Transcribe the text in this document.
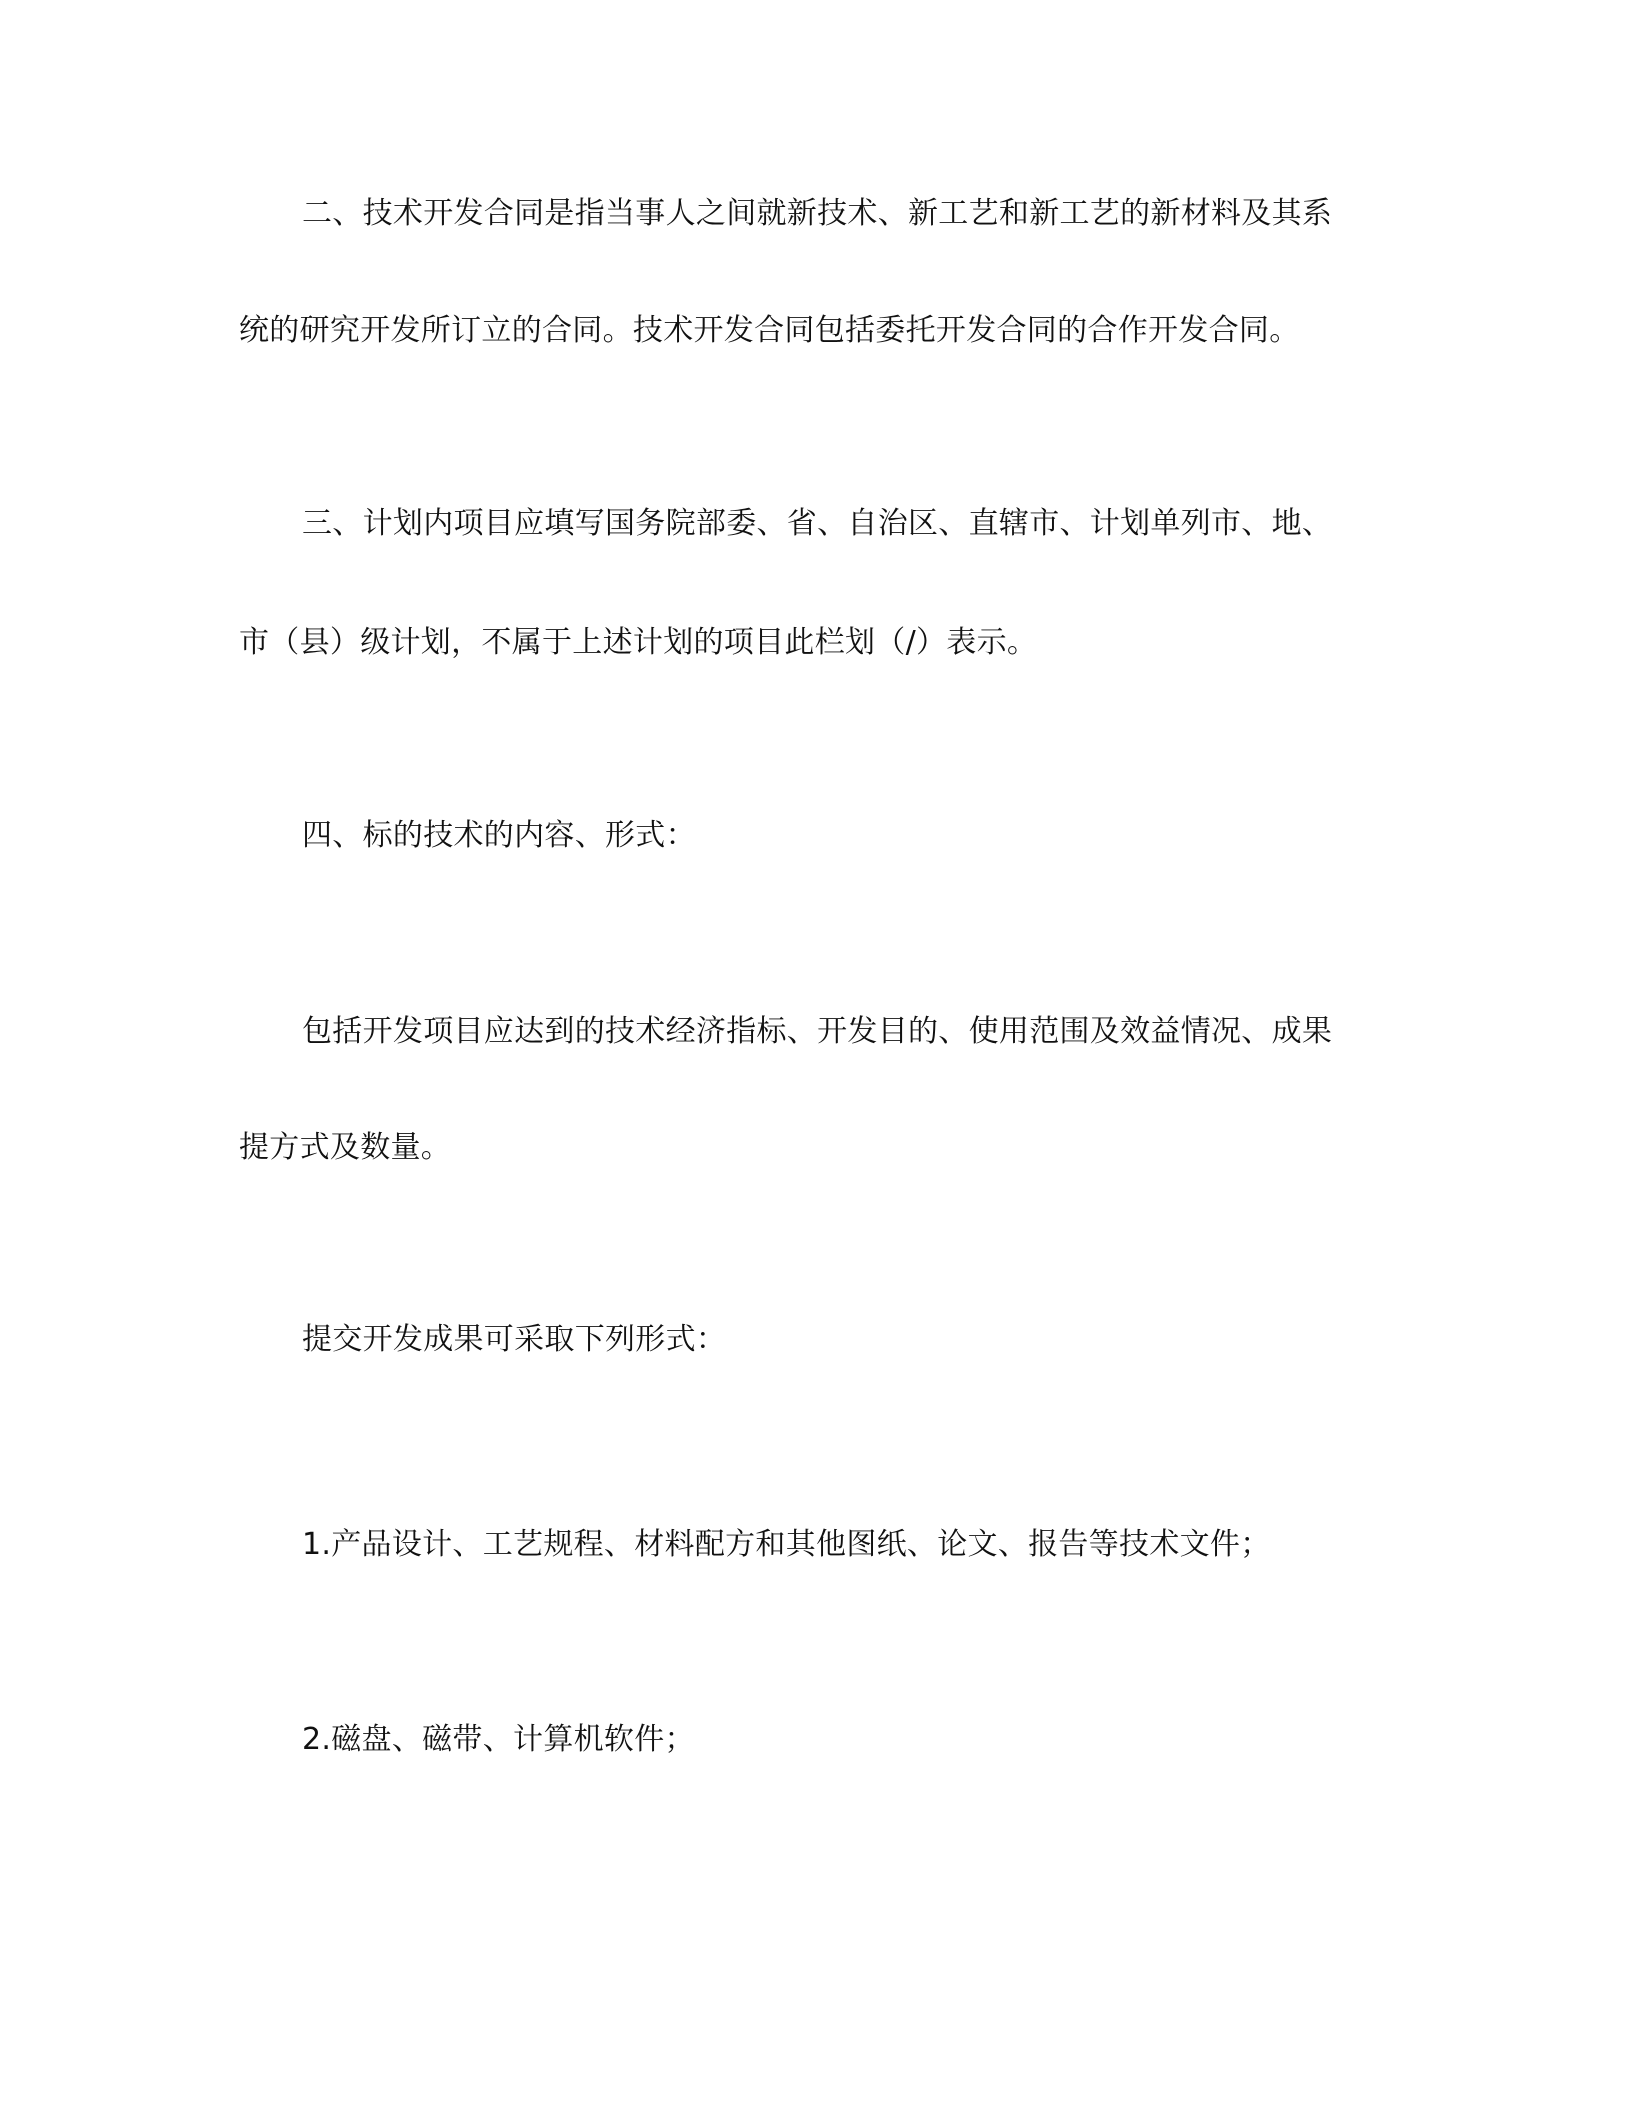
二、技术开发合同是指当事人之间就新技术、新工艺和新工艺的新材料及其系
统的研究开发所订立的合同。技术开发合同包括委托开发合同的合作开发合同。
三、计划内项目应填写国务院部委、省、自治区、直辖市、计划单列市、地、
市（县）级计划，不属于上述计划的项目此栏划（/）表示。
四、标的技术的内容、形式：
包括开发项目应达到的技术经济指标、开发目的、使用范围及效益情况、成果
提方式及数量。
提交开发成果可采取下列形式：
1.产品设计、工艺规程、材料配方和其他图纸、论文、报告等技术文件；
2.磁盘、磁带、计算机软件；
